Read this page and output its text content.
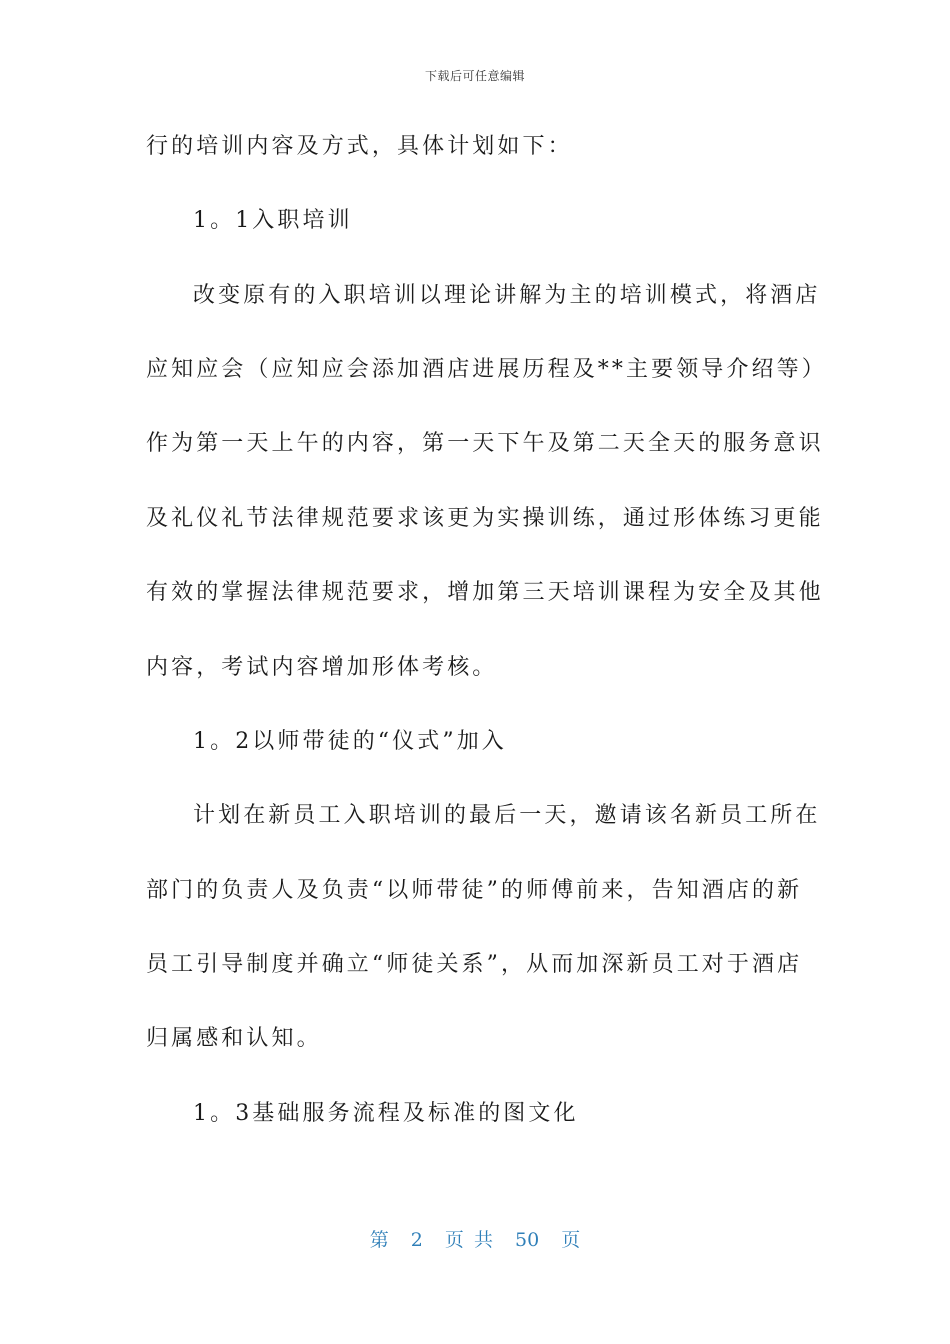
下载后可任意编辑
行的培训内容及方式，具体计划如下：
1。1入职培训
改变原有的入职培训以理论讲解为主的培训模式，将酒店
应知应会（应知应会添加酒店进展历程及**主要领导介绍等）
作为第一天上午的内容，第一天下午及第二天全天的服务意识
及礼仪礼节法律规范要求该更为实操训练，通过形体练习更能
有效的掌握法律规范要求，增加第三天培训课程为安全及其他
内容，考试内容增加形体考核。
1。2以师带徒的“仪式”加入
计划在新员工入职培训的最后一天，邀请该名新员工所在
部门的负责人及负责“以师带徒”的师傅前来，告知酒店的新
员工引导制度并确立“师徒关系”，从而加深新员工对于酒店
归属感和认知。
1。3基础服务流程及标准的图文化
第 2 页 共 50 页
